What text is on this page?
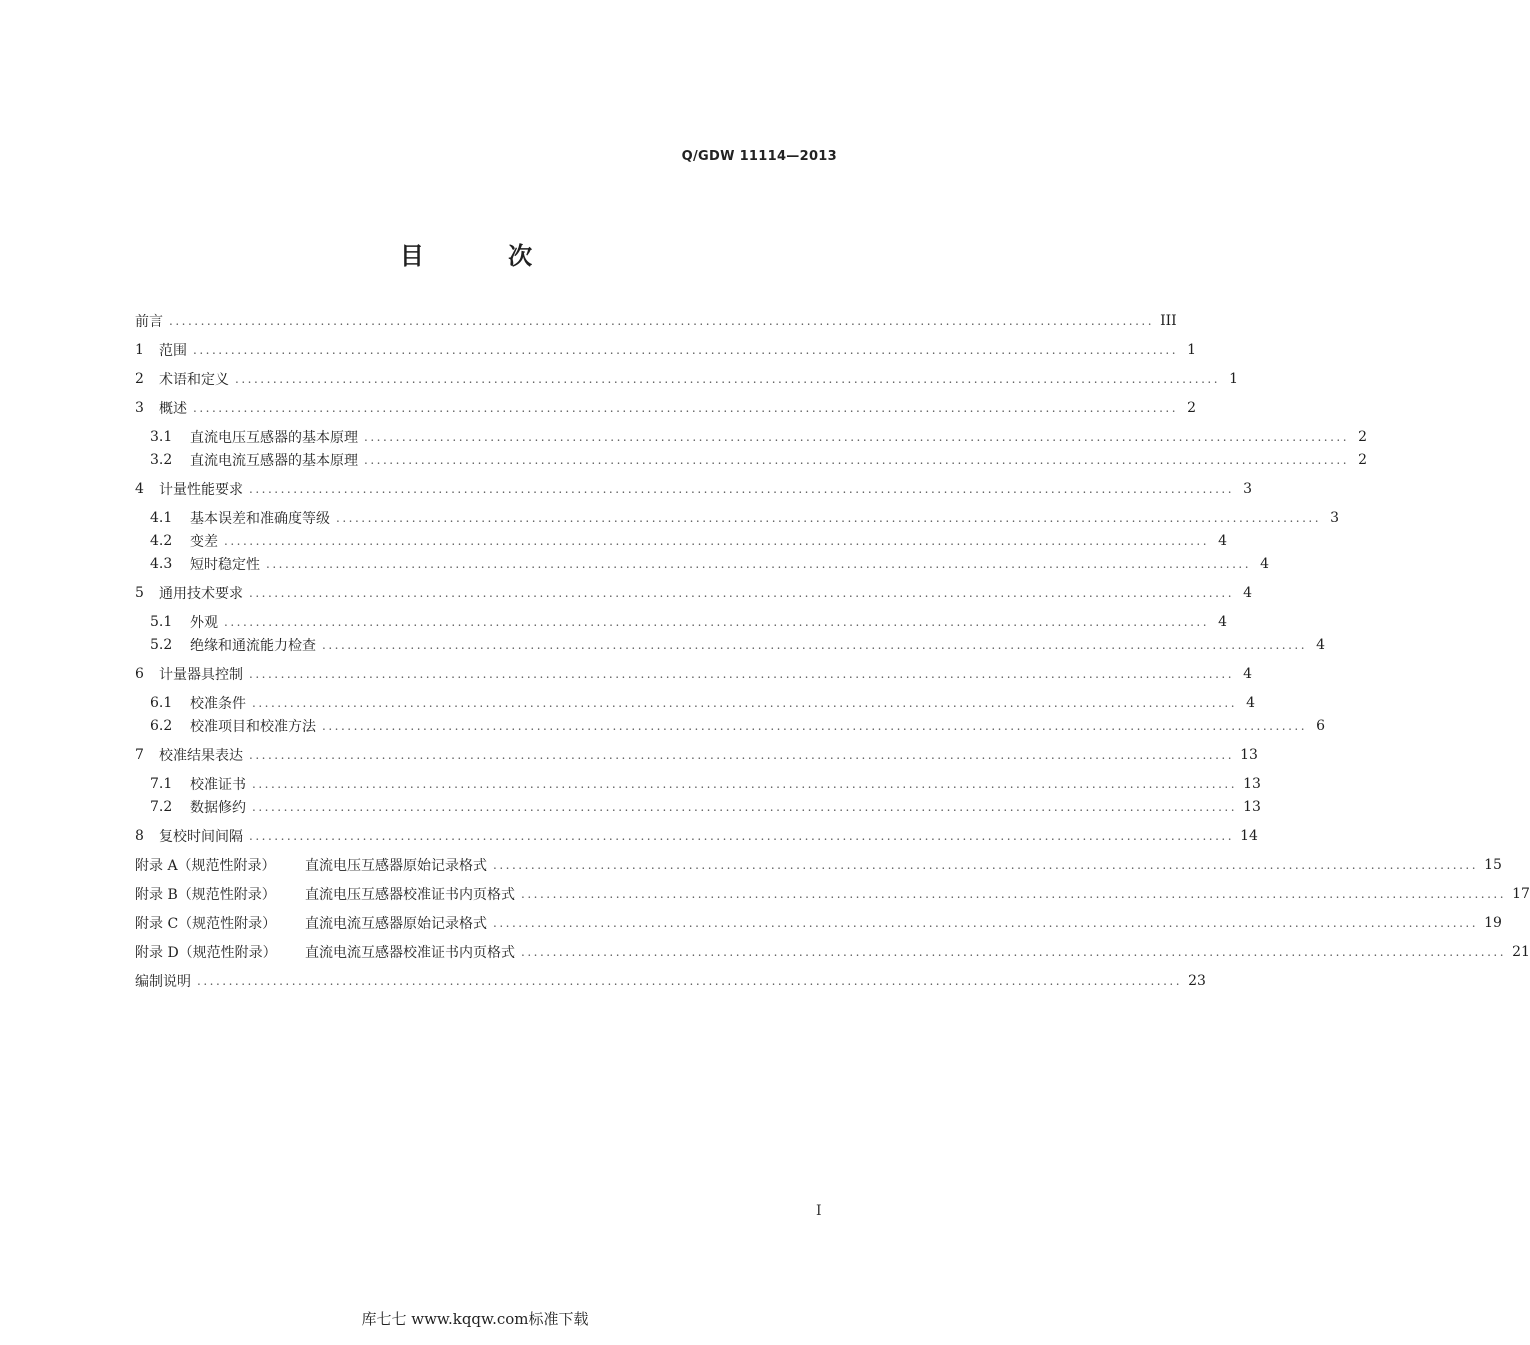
Q/GDW 11114—2013
目 次
前言 ............................................................................................................................................................ III
1	范围 ............................................................................................................................................................ 1
2	术语和定义 ............................................................................................................................................................ 1
3	概述 ............................................................................................................................................................ 2
3.1	直流电压互感器的基本原理 ............................................................................................................................................................ 2
3.2	直流电流互感器的基本原理 ............................................................................................................................................................ 2
4	计量性能要求 ............................................................................................................................................................ 3
4.1	基本误差和准确度等级 ............................................................................................................................................................ 3
4.2	变差 ............................................................................................................................................................ 4
4.3	短时稳定性 ............................................................................................................................................................ 4
5	通用技术要求 ............................................................................................................................................................ 4
5.1	外观 ............................................................................................................................................................ 4
5.2	绝缘和通流能力检查 ............................................................................................................................................................ 4
6	计量器具控制 ............................................................................................................................................................ 4
6.1	校准条件 ............................................................................................................................................................ 4
6.2	校准项目和校准方法 ............................................................................................................................................................ 6
7	校准结果表达 ............................................................................................................................................................ 13
7.1	校准证书 ............................................................................................................................................................ 13
7.2	数据修约 ............................................................................................................................................................ 13
8	复校时间间隔 ............................................................................................................................................................ 14
附录 A（规范性附录）	直流电压互感器原始记录格式 ............................................................................................................................................................ 15
附录 B（规范性附录）	直流电压互感器校准证书内页格式 ............................................................................................................................................................ 17
附录 C（规范性附录）	直流电流互感器原始记录格式 ............................................................................................................................................................ 19
附录 D（规范性附录）	直流电流互感器校准证书内页格式 ............................................................................................................................................................ 21
编制说明 ............................................................................................................................................................ 23
I
库七七 www.kqqw.com标准下载
